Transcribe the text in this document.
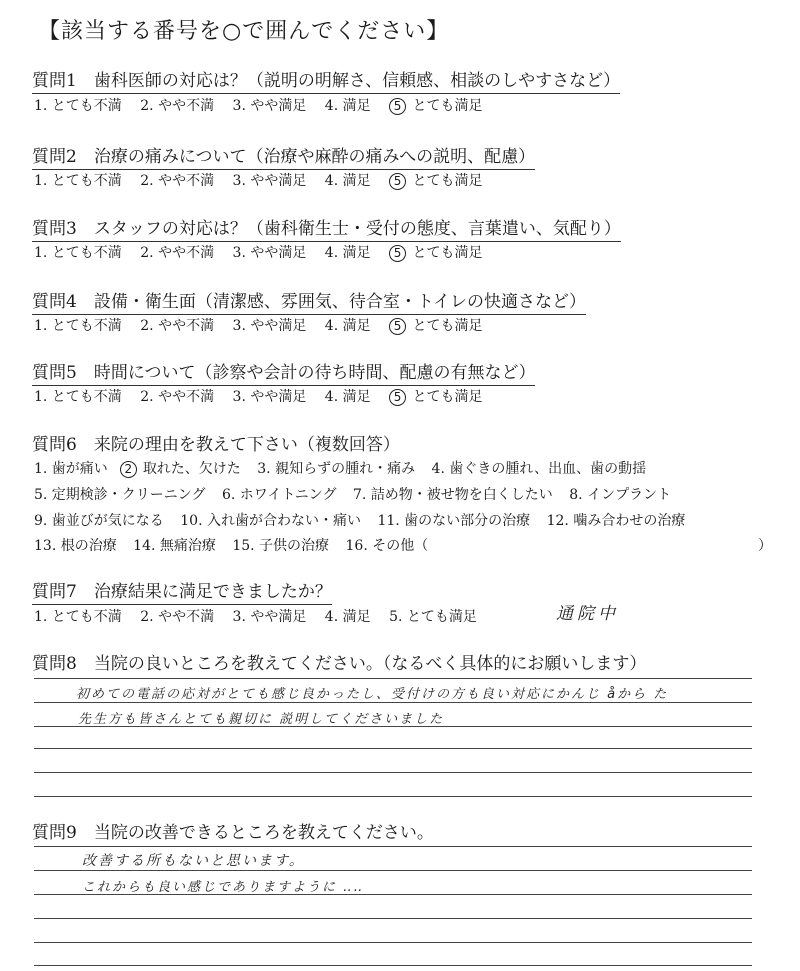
【該当する番号を○で囲んでください】
質問1　歯科医師の対応は？（説明の明解さ、信頼感、相談のしやすさなど）
1. とても不満 2. やや不満 3. やや満足 4. 満足 5 とても満足
質問2　治療の痛みについて（治療や麻酔の痛みへの説明、配慮）
1. とても不満 2. やや不満 3. やや満足 4. 満足 5 とても満足
質問3　スタッフの対応は？（歯科衛生士・受付の態度、言葉遣い、気配り）
1. とても不満 2. やや不満 3. やや満足 4. 満足 5 とても満足
質問4　設備・衛生面（清潔感、雰囲気、待合室・トイレの快適さなど）
1. とても不満 2. やや不満 3. やや満足 4. 満足 5 とても満足
質問5　時間について（診察や会計の待ち時間、配慮の有無など）
1. とても不満 2. やや不満 3. やや満足 4. 満足 5 とても満足
質問6　来院の理由を教えて下さい（複数回答）
1. 歯が痛い 2 取れた、欠けた 3. 親知らずの腫れ・痛み 4. 歯ぐきの腫れ、出血、歯の動揺
5. 定期検診・クリーニング 6. ホワイトニング 7. 詰め物・被せ物を白くしたい 8. インプラント
9. 歯並びが気になる 10. 入れ歯が合わない・痛い 11. 歯のない部分の治療 12. 噛み合わせの治療
13. 根の治療 14. 無痛治療 15. 子供の治療 16. その他（	）
質問7　治療結果に満足できましたか？
1. とても不満 2. やや不満 3. やや満足 4. 満足 5. とても満足	通院中
質問8　当院の良いところを教えてください。（なるべく具体的にお願いします）
初めての電話の応対がとても感じ良かったし、受付けの方も良い対応にかんじ åから た
先生方も皆さんとても親切に 説明してくださいました
質問9　当院の改善できるところを教えてください。
改善する所もないと思います。
これからも良い感じでありますように ‥‥
